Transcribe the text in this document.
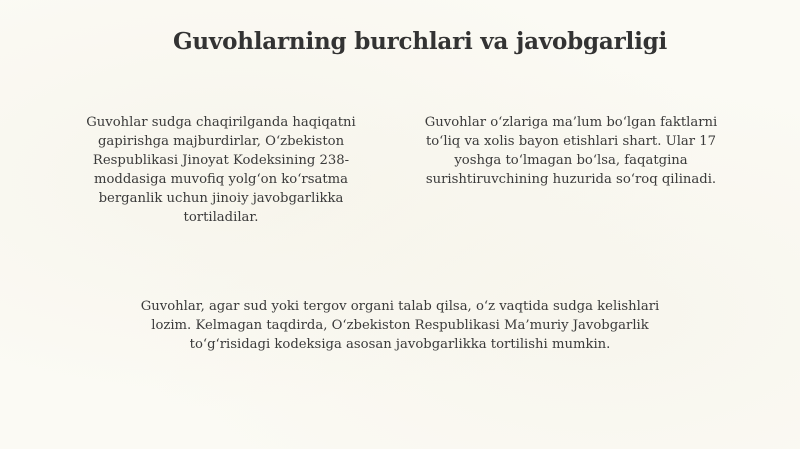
Guvohlarning burchlari va javobgarligi

Guvohlar sudga chaqirilganda haqiqatni gapirishga majburdirlar, O‘zbekiston Respublikasi Jinoyat Kodeksining 238-moddasiga muvofiq yolg‘on ko‘rsatma berganlik uchun jinoiy javobgarlikka tortiladilar.

Guvohlar o‘zlariga ma’lum bo‘lgan faktlarni to‘liq va xolis bayon etishlari shart. Ular 17 yoshga to‘lmagan bo‘lsa, faqatgina surishtiruvchining huzurida so‘roq qilinadi.

Guvohlar, agar sud yoki tergov organi talab qilsa, o‘z vaqtida sudga kelishlari lozim. Kelmagan taqdirda, O‘zbekiston Respublikasi Ma’muriy Javobgarlik to‘g‘risidagi kodeksiga asosan javobgarlikka tortilishi mumkin.
